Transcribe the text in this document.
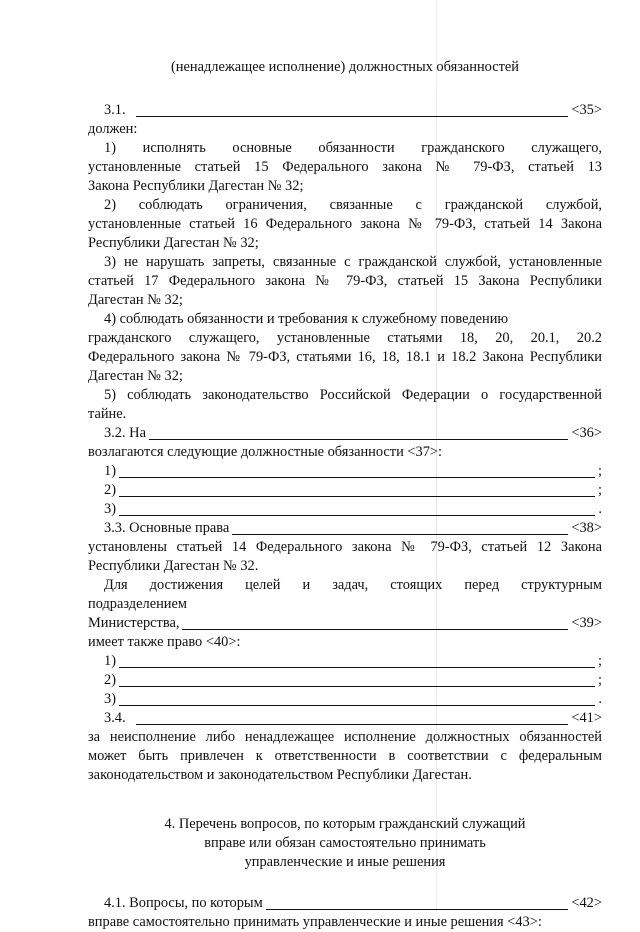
(ненадлежащее исполнение) должностных обязанностей

3.1.	<35>

должен:

1) исполнять основные обязанности гражданского служащего,

установленные статьей 15 Федерального закона № 79-ФЗ, статьей 13

Закона Республики Дагестан № 32;

2) соблюдать ограничения, связанные с гражданской службой,

установленные статьей 16 Федерального закона № 79-ФЗ, статьей 14 Закона

Республики Дагестан № 32;

3) не нарушать запреты, связанные с гражданской службой, установленные

статьей 17 Федерального закона № 79-ФЗ, статьей 15 Закона Республики

Дагестан № 32;

4) соблюдать обязанности и требования к служебному поведению

гражданского служащего, установленные статьями 18, 20, 20.1, 20.2

Федерального закона № 79-ФЗ, статьями 16, 18, 18.1 и 18.2 Закона Республики

Дагестан № 32;

5) соблюдать законодательство Российской Федерации о государственной

тайне.

3.2. На	<36>

возлагаются следующие должностные обязанности <37>:

1)	;
2)	;
3)	.
3.3. Основные права	<38>

установлены статьей 14 Федерального закона № 79-ФЗ, статьей 12 Закона

Республики Дагестан № 32.

Для достижения целей и задач, стоящих перед структурным

подразделением

Министерства,	<39>

имеет также право <40>:

1)	;
2)	;
3)	.
3.4.	<41>

за неисполнение либо ненадлежащее исполнение должностных обязанностей

может быть привлечен к ответственности в соответствии с федеральным

законодательством и законодательством Республики Дагестан.

4. Перечень вопросов, по которым гражданский служащий

вправе или обязан самостоятельно принимать

управленческие и иные решения

4.1. Вопросы, по которым	<42>

вправе самостоятельно принимать управленческие и иные решения <43>:
